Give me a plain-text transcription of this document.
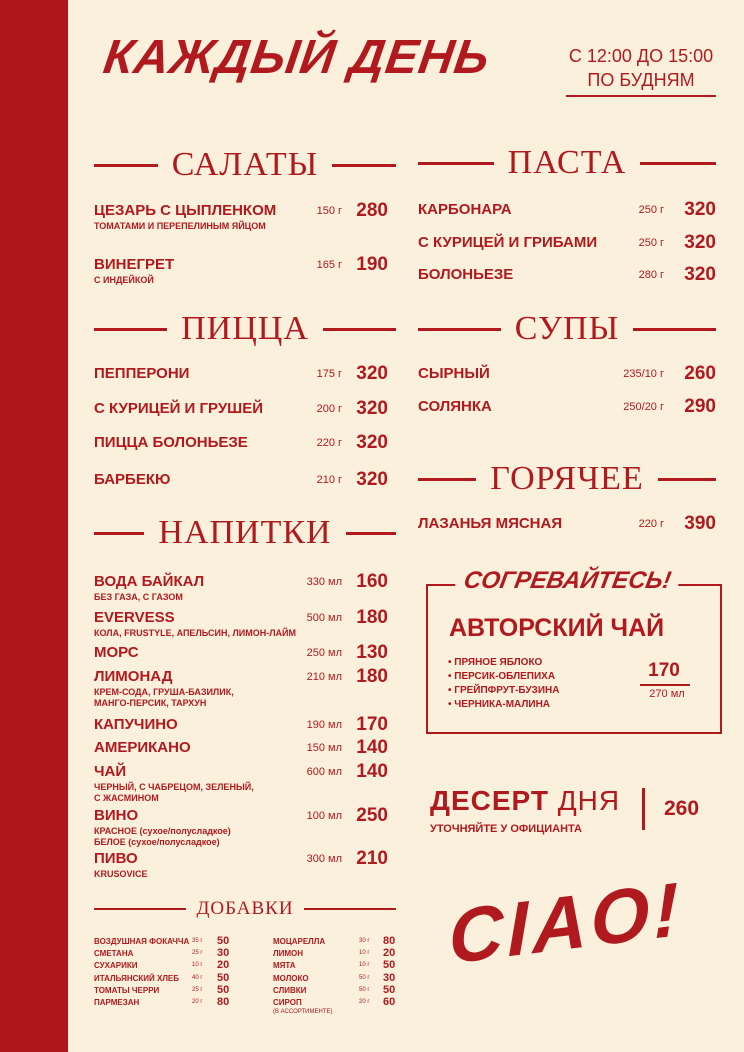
КАЖДЫЙ ДЕНЬ	С 12:00 ДО 15:00
ПО БУДНЯМ
САЛАТЫ	ПАСТА
ПИЦЦА	СУПЫ
ГОРЯЧЕЕ
НАПИТКИ
ЦЕЗАРЬ С ЦЫПЛЕНКОМ
ТОМАТАМИ И ПЕРЕПЕЛИНЫМ ЯЙЦОМ
150 г 280
ВИНЕГРЕТ
С ИНДЕЙКОЙ
165 г 190
ПЕППЕРОНИ	175 г 320
С КУРИЦЕЙ И ГРУШЕЙ	200 г 320
ПИЦЦА БОЛОНЬЕЗЕ	220 г 320
БАРБЕКЮ	210 г 320
ВОДА БАЙКАЛ
БЕЗ ГАЗА, С ГАЗОМ
330 мл 160
EVERVESS
КОЛА, FRUSTYLE, АПЕЛЬСИН, ЛИМОН-ЛАЙМ
500 мл 180
МОРС	250 мл 130
ЛИМОНАД
КРЕМ-СОДА, ГРУША-БАЗИЛИК,
МАНГО-ПЕРСИК, ТАРХУН
210 мл 180
КАПУЧИНО	190 мл 170
АМЕРИКАНО	150 мл 140
ЧАЙ
ЧЕРНЫЙ, С ЧАБРЕЦОМ, ЗЕЛЕНЫЙ,
С ЖАСМИНОМ
600 мл 140
ВИНО
КРАСНОЕ (сухое/полусладкое)
БЕЛОЕ (сухое/полусладкое)
100 мл 250
ПИВО
KRUSOVICE
300 мл 210
КАРБОНАРА	250 г 320
С КУРИЦЕЙ И ГРИБАМИ	250 г 320
БОЛОНЬЕЗЕ	280 г 320
СЫРНЫЙ	235/10 г 260
СОЛЯНКА	250/20 г 290
ЛАЗАНЬЯ МЯСНАЯ	220 г 390
СОГРЕВАЙТЕСЬ!
АВТОРСКИЙ ЧАЙ
• ПРЯНОЕ ЯБЛОКО
• ПЕРСИК-ОБЛЕПИХА
• ГРЕЙПФРУТ-БУЗИНА
• ЧЕРНИКА-МАЛИНА
170
270 мл
ДЕСЕРТ ДНЯ
УТОЧНЯЙТЕ У ОФИЦИАНТА
260
ДОБАВКИ
ВОЗДУШНАЯ ФОКАЧЧА 35 г 50
СМЕТАНА	25 г 30
СУХАРИКИ	10 г 20
ИТАЛЬЯНСКИЙ ХЛЕБ 40 г 50
ТОМАТЫ ЧЕРРИ	25 г 50
ПАРМЕЗАН	20 г 80
МОЦАРЕЛЛА	30 г 80
ЛИМОН	10 г 20
МЯТА	10 г 50
МОЛОКО	50 г 30
СЛИВКИ	50 г 50
СИРОП	20 г 60
(В АССОРТИМЕНТЕ)
CIAO!
